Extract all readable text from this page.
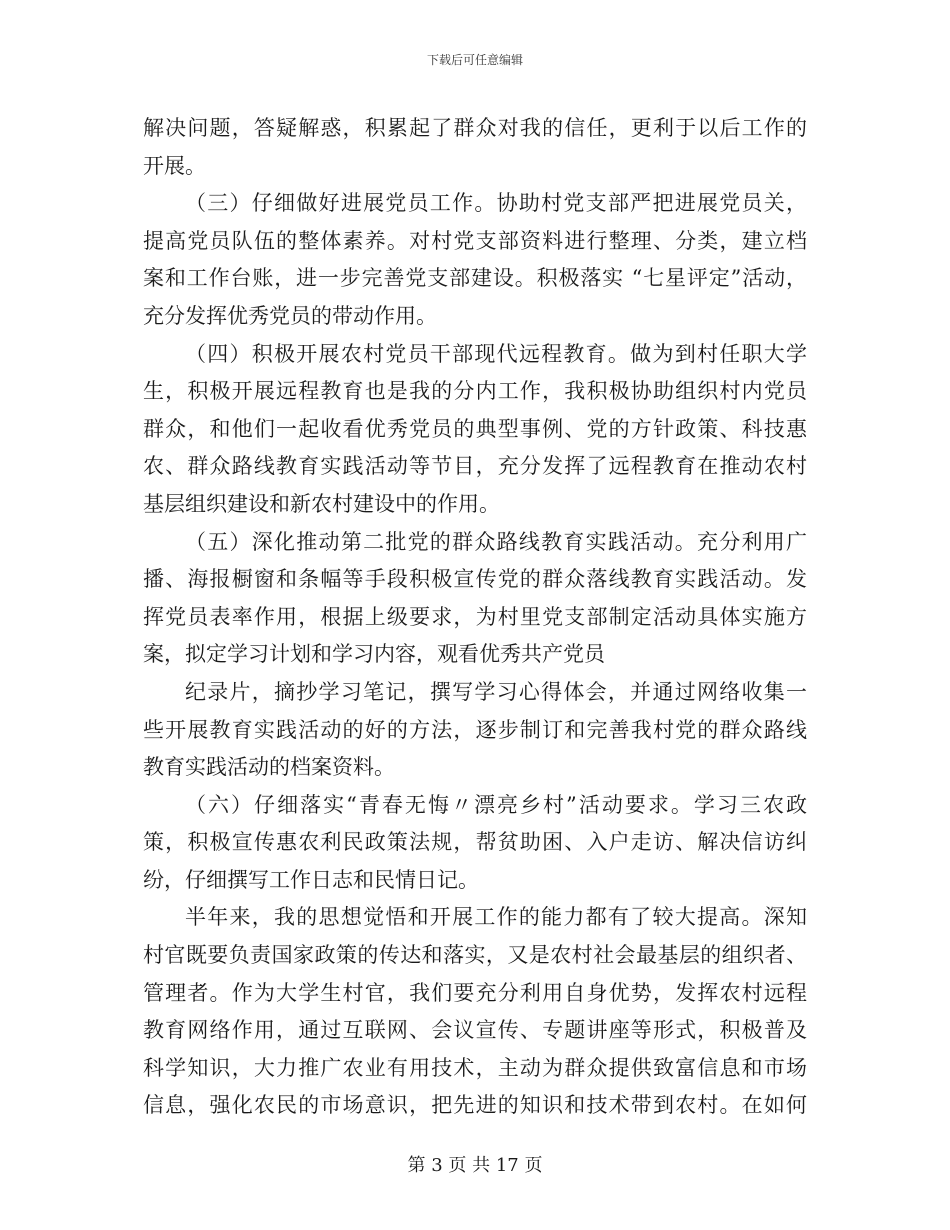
下载后可任意编辑
解决问题，答疑解惑，积累起了群众对我的信任，更利于以后工作的
开展。
（三）仔细做好进展党员工作。协助村党支部严把进展党员关，
提高党员队伍的整体素养。对村党支部资料进行整理、分类，建立档
案和工作台账，进一步完善党支部建设。积极落实 “七星评定”活动，
充分发挥优秀党员的带动作用。
（四）积极开展农村党员干部现代远程教育。做为到村任职大学
生，积极开展远程教育也是我的分内工作，我积极协助组织村内党员
群众，和他们一起收看优秀党员的典型事例、党的方针政策、科技惠
农、群众路线教育实践活动等节目，充分发挥了远程教育在推动农村
基层组织建设和新农村建设中的作用。
（五）深化推动第二批党的群众路线教育实践活动。充分利用广
播、海报橱窗和条幅等手段积极宣传党的群众落线教育实践活动。发
挥党员表率作用，根据上级要求，为村里党支部制定活动具体实施方
案，拟定学习计划和学习内容，观看优秀共产党员
纪录片，摘抄学习笔记，撰写学习心得体会，并通过网络收集一
些开展教育实践活动的好的方法，逐步制订和完善我村党的群众路线
教育实践活动的档案资料。
（六）仔细落实“青春无悔〃漂亮乡村”活动要求。学习三农政
策，积极宣传惠农利民政策法规，帮贫助困、入户走访、解决信访纠
纷，仔细撰写工作日志和民情日记。
半年来，我的思想觉悟和开展工作的能力都有了较大提高。深知
村官既要负责国家政策的传达和落实，又是农村社会最基层的组织者、
管理者。作为大学生村官，我们要充分利用自身优势，发挥农村远程
教育网络作用，通过互联网、会议宣传、专题讲座等形式，积极普及
科学知识，大力推广农业有用技术，主动为群众提供致富信息和市场
信息，强化农民的市场意识，把先进的知识和技术带到农村。在如何
第 3 页 共 17 页
